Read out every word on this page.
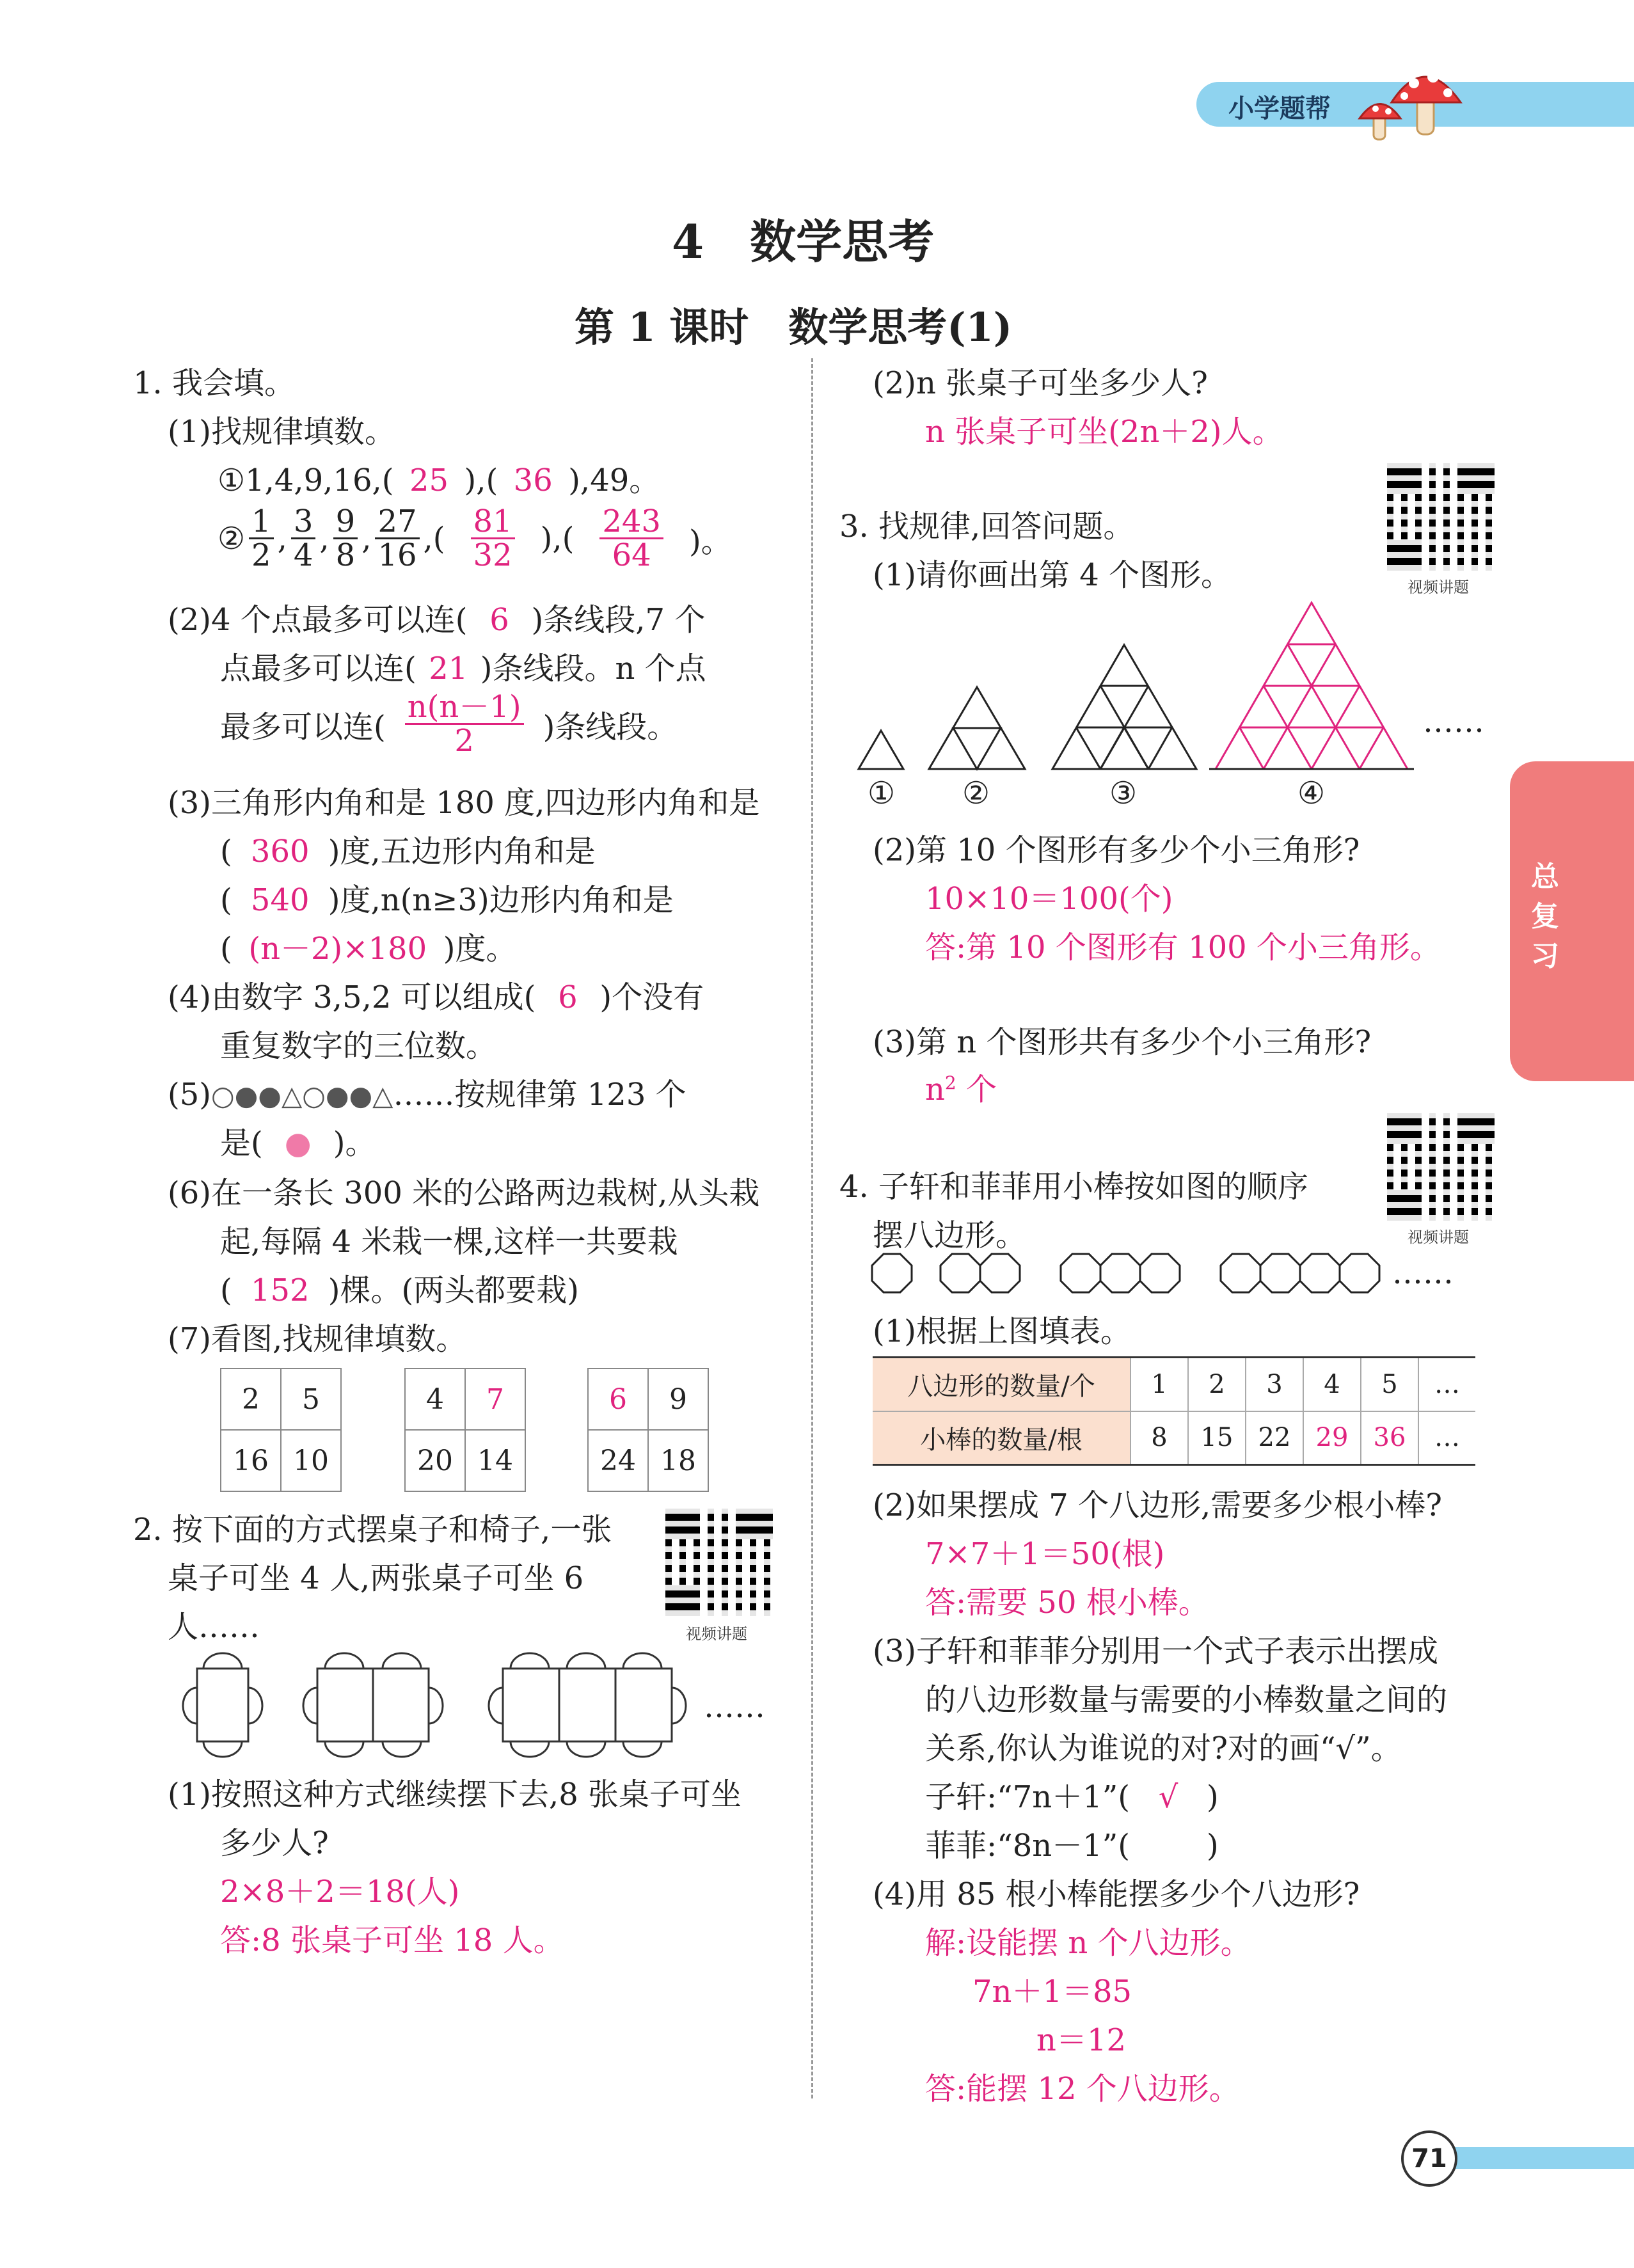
小学题帮
4　数学思考
第 1 课时　数学思考(1)
总
复
习
1. 我会填。
(1)找规律填数。
①1,4,9,16,( 25 ),( 36 ),49。
② $\frac{1}{2}$ , $\frac{3}{4}$ , $\frac{9}{8}$ , $\frac{27}{16}$ ,( $\frac{81}{32}$ ),( $\frac{243}{64}$ )。
(2)4 个点最多可以连( 6 )条线段,7 个
点最多可以连( 21 )条线段。n 个点
最多可以连( $\frac{n(n-1)}{2}$ )条线段。
(3)三角形内角和是 180 度,四边形内角和是
( 360 )度,五边形内角和是
( 540 )度,n(n≥3)边形内角和是
( (n－2)×180 )度。
(4)由数字 3,5,2 可以组成( 6 )个没有
重复数字的三位数。
(5)○●●△○●●△……按规律第 123 个
是( ● )。
(6)在一条长 300 米的公路两边栽树,从头栽
起,每隔 4 米栽一棵,这样一共要栽
( 152 )棵。(两头都要栽)
(7)看图,找规律填数。
2	5
16	10
4	7
20	14
6	9
24	18
2. 按下面的方式摆桌子和椅子,一张
桌子可坐 4 人,两张桌子可坐 6
人……	视频讲题
……
(1)按照这种方式继续摆下去,8 张桌子可坐
多少人?
2×8＋2＝18(人)
答:8 张桌子可坐 18 人。
(2)n 张桌子可坐多少人?
n 张桌子可坐(2n＋2)人。
视频讲题
3. 找规律,回答问题。
(1)请你画出第 4 个图形。
……
① ②	③	④
(2)第 10 个图形有多少个小三角形?
10×10＝100(个)
答:第 10 个图形有 100 个小三角形。
(3)第 n 个图形共有多少个小三角形?
$n^2$ 个
视频讲题
4. 子轩和菲菲用小棒按如图的顺序
摆八边形。
……
(1)根据上图填表。
八边形的数量/个	1	2	3	4	5	…
小棒的数量/根	8	15	22	29	36	…
(2)如果摆成 7 个八边形,需要多少根小棒?
7×7＋1＝50(根)
答:需要 50 根小棒。
(3)子轩和菲菲分别用一个式子表示出摆成
的八边形数量与需要的小棒数量之间的
关系,你认为谁说的对?对的画“√”。
子轩:“7n＋1”( √ )
菲菲:“8n－1”(	)
(4)用 85 根小棒能摆多少个八边形?
解:设能摆 n 个八边形。
7n＋1＝85
n＝12
答:能摆 12 个八边形。
71
